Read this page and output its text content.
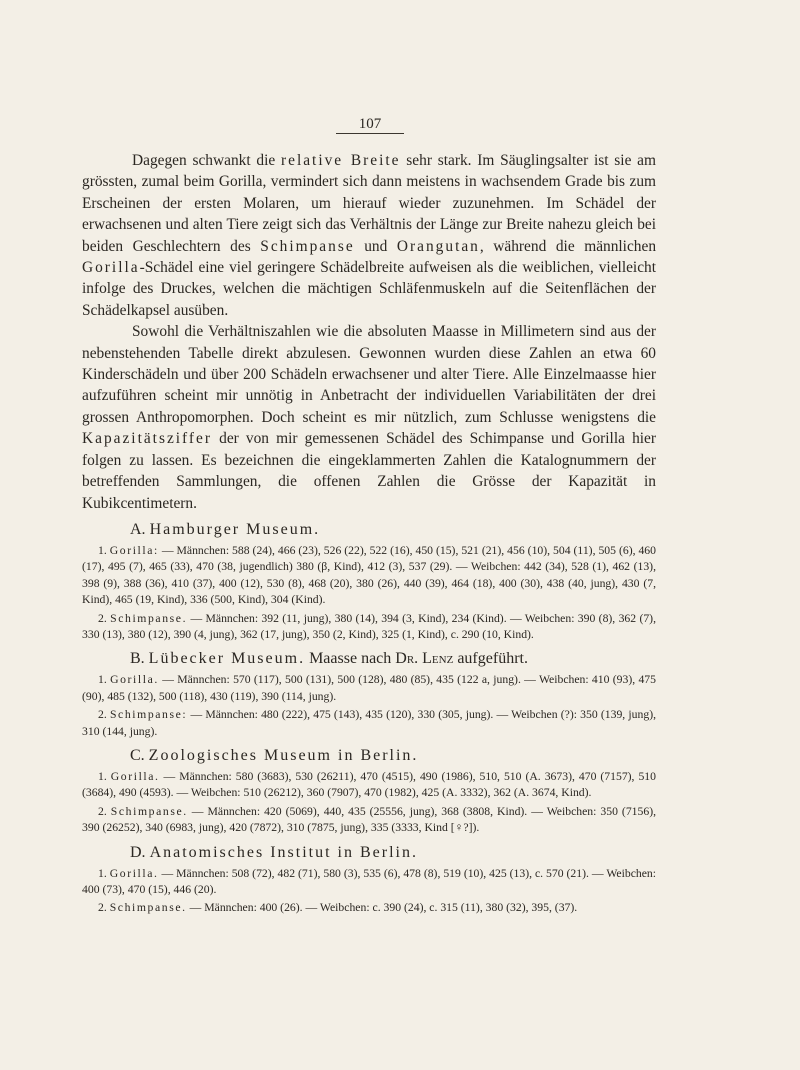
107

Dagegen schwankt die relative Breite sehr stark. Im Säuglingsalter ist sie am grössten, zumal beim Gorilla, vermindert sich dann meistens in wachsendem Grade bis zum Erscheinen der ersten Molaren, um hierauf wieder zuzunehmen. Im Schädel der erwachsenen und alten Tiere zeigt sich das Verhältnis der Länge zur Breite nahezu gleich bei beiden Geschlechtern des Schimpanse und Orangutan, während die männlichen Gorilla-Schädel eine viel geringere Schädelbreite aufweisen als die weiblichen, vielleicht infolge des Druckes, welchen die mächtigen Schläfenmuskeln auf die Seitenflächen der Schädelkapsel ausüben.

Sowohl die Verhältniszahlen wie die absoluten Maasse in Millimetern sind aus der nebenstehenden Tabelle direkt abzulesen. Gewonnen wurden diese Zahlen an etwa 60 Kinderschädeln und über 200 Schädeln erwachsener und alter Tiere. Alle Einzelmaasse hier aufzuführen scheint mir unnötig in Anbetracht der individuellen Variabilitäten der drei grossen Anthropomorphen. Doch scheint es mir nützlich, zum Schlusse wenigstens die Kapazitätsziffer der von mir gemessenen Schädel des Schimpanse und Gorilla hier folgen zu lassen. Es bezeichnen die eingeklammerten Zahlen die Katalognummern der betreffenden Sammlungen, die offenen Zahlen die Grösse der Kapazität in Kubikcentimetern.

A. Hamburger Museum.

1. Gorilla: — Männchen: 588 (24), 466 (23), 526 (22), 522 (16), 450 (15), 521 (21), 456 (10), 504 (11), 505 (6), 460 (17), 495 (7), 465 (33), 470 (38, jugendlich) 380 (β, Kind), 412 (3), 537 (29). — Weibchen: 442 (34), 528 (1), 462 (13), 398 (9), 388 (36), 410 (37), 400 (12), 530 (8), 468 (20), 380 (26), 440 (39), 464 (18), 400 (30), 438 (40, jung), 430 (7, Kind), 465 (19, Kind), 336 (500, Kind), 304 (Kind).

2. Schimpanse. — Männchen: 392 (11, jung), 380 (14), 394 (3, Kind), 234 (Kind). — Weibchen: 390 (8), 362 (7), 330 (13), 380 (12), 390 (4, jung), 362 (17, jung), 350 (2, Kind), 325 (1, Kind), c. 290 (10, Kind).

B. Lübecker Museum. Maasse nach Dr. Lenz aufgeführt.

1. Gorilla. — Männchen: 570 (117), 500 (131), 500 (128), 480 (85), 435 (122 a, jung). — Weibchen: 410 (93), 475 (90), 485 (132), 500 (118), 430 (119), 390 (114, jung).

2. Schimpanse: — Männchen: 480 (222), 475 (143), 435 (120), 330 (305, jung). — Weibchen (?): 350 (139, jung), 310 (144, jung).

C. Zoologisches Museum in Berlin.

1. Gorilla. — Männchen: 580 (3683), 530 (26211), 470 (4515), 490 (1986), 510, 510 (A. 3673), 470 (7157), 510 (3684), 490 (4593). — Weibchen: 510 (26212), 360 (7907), 470 (1982), 425 (A. 3332), 362 (A. 3674, Kind).

2. Schimpanse. — Männchen: 420 (5069), 440, 435 (25556, jung), 368 (3808, Kind). — Weibchen: 350 (7156), 390 (26252), 340 (6983, jung), 420 (7872), 310 (7875, jung), 335 (3333, Kind [♀?]).

D. Anatomisches Institut in Berlin.

1. Gorilla. — Männchen: 508 (72), 482 (71), 580 (3), 535 (6), 478 (8), 519 (10), 425 (13), c. 570 (21). — Weibchen: 400 (73), 470 (15), 446 (20).

2. Schimpanse. — Männchen: 400 (26). — Weibchen: c. 390 (24), c. 315 (11), 380 (32), 395, (37).
